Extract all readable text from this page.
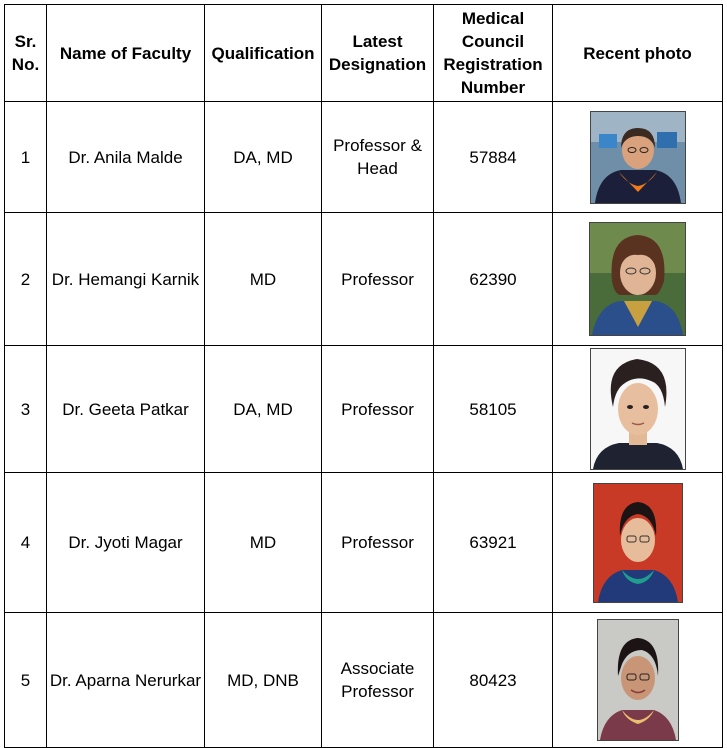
Sr. No.	Name of Faculty	Qualification	Latest Designation	Medical Council Registration Number	Recent photo
1	Dr. Anila Malde	DA, MD	Professor & Head	57884	

2	Dr. Hemangi Karnik	MD	Professor	62390	

3	Dr. Geeta Patkar	DA, MD	Professor	58105	

4	Dr. Jyoti Magar	MD	Professor	63921	

5	Dr. Aparna Nerurkar	MD, DNB	Associate Professor	80423	
